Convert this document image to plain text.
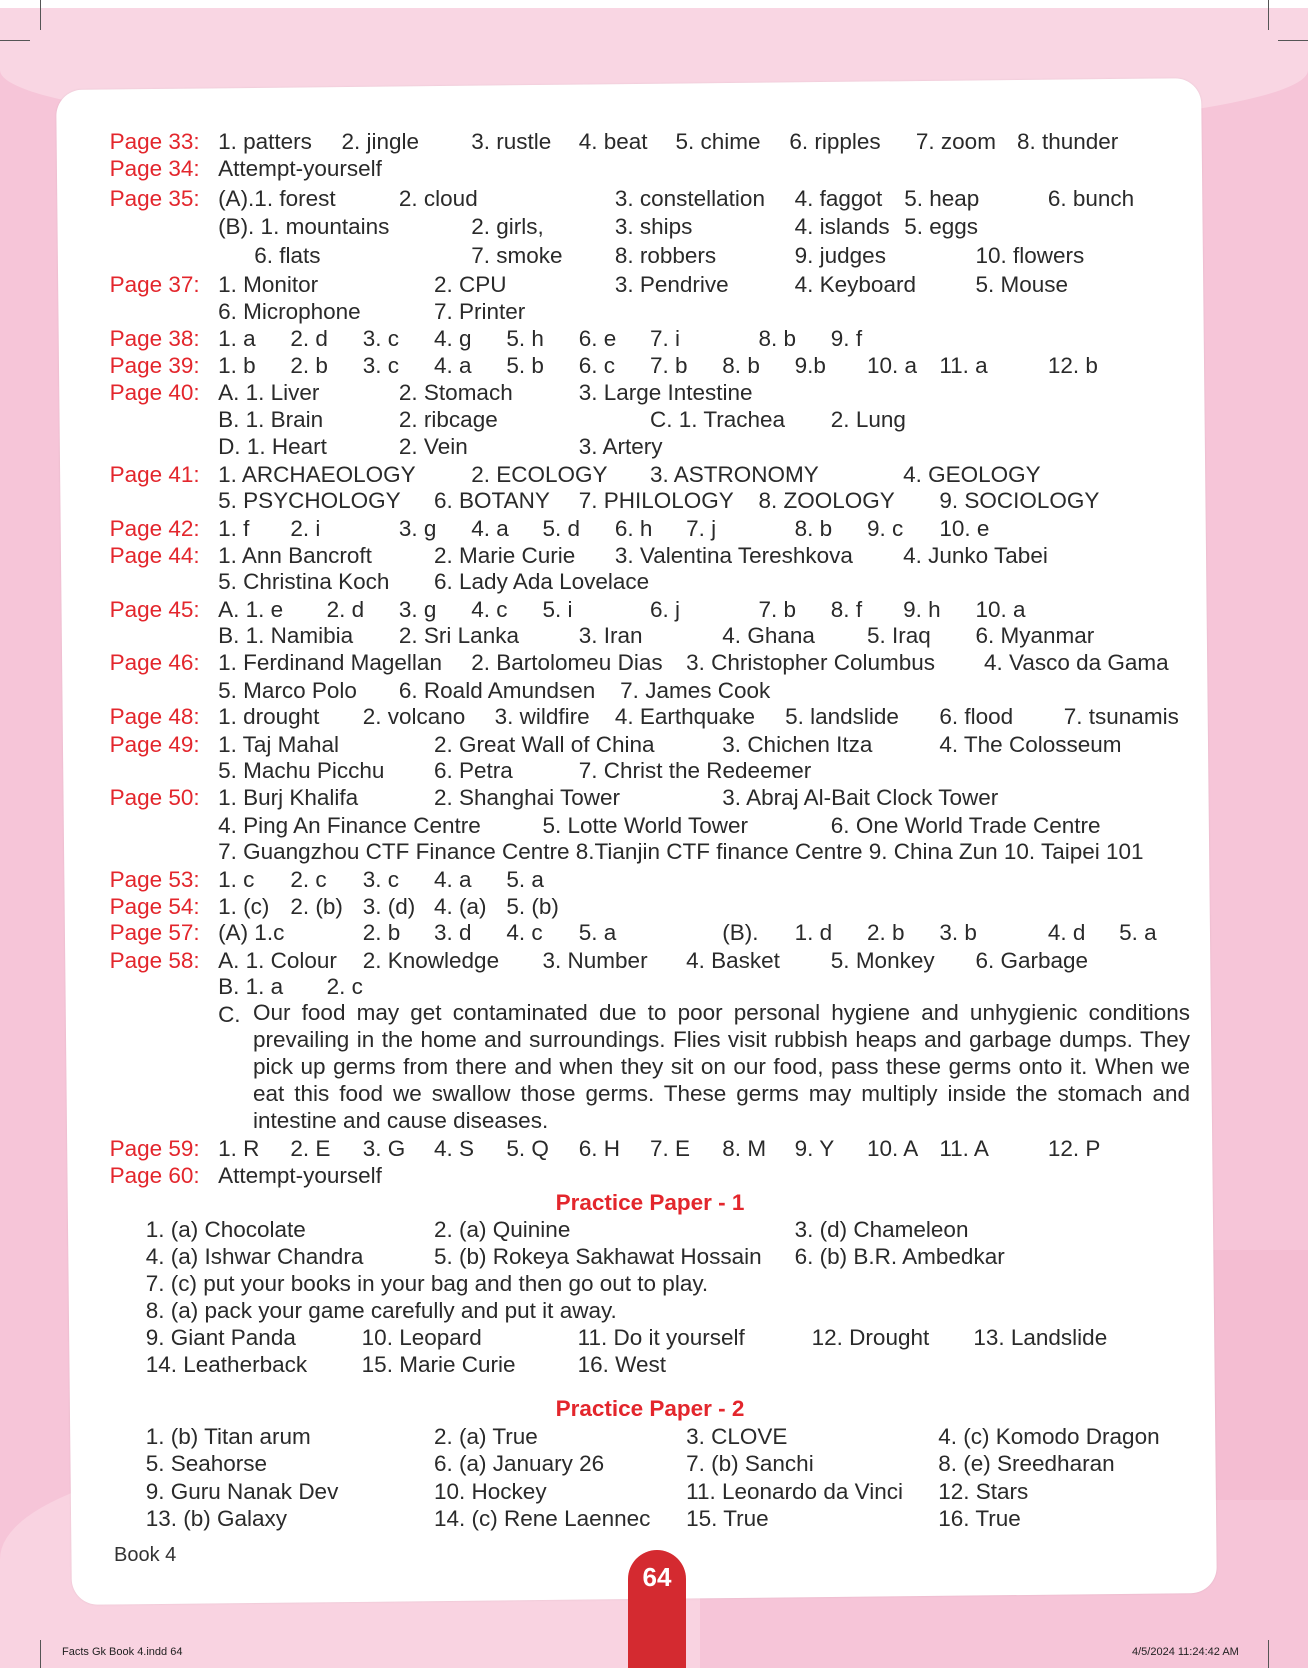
Page 33: 1. patters 2. jingle 3. rustle 4. beat 5. chime 6. ripples 7. zoom 8. thunder
Page 34: Attempt-yourself
Page 35: (A).1. forest	2. cloud	3. constellation 4. faggot 5. heap	6. bunch
(B). 1. mountains	2. girls,	3. ships	4. islands 5. eggs
6. flats	7. smoke 8. robbers	9. judges	10. flowers
Page 37: 1. Monitor	2. CPU	3. Pendrive	4. Keyboard	5. Mouse
6. Microphone	7. Printer
Page 38: 1. a 2. d 3. c 4. g 5. h 6. e 7. i	8. b 9. f
Page 39: 1. b 2. b 3. c 4. a 5. b 6. c 7. b 8. b 9.b 10. a 11. a	12. b
Page 40: A. 1. Liver	2. Stomach	3. Large Intestine
B. 1. Brain	2. ribcage	C. 1. Trachea 2. Lung
D. 1. Heart	2. Vein	3. Artery
Page 41: 1. ARCHAEOLOGY 2. ECOLOGY 3. ASTRONOMY	4. GEOLOGY
5. PSYCHOLOGY 6. BOTANY 7. PHILOLOGY 8. ZOOLOGY 9. SOCIOLOGY
Page 42: 1. f 2. i	3. g 4. a 5. d 6. h 7. j	8. b 9. c 10. e
Page 44: 1. Ann Bancroft	2. Marie Curie 3. Valentina Tereshkova 4. Junko Tabei
5. Christina Koch 6. Lady Ada Lovelace
Page 45: A. 1. e 2. d 3. g 4. c 5. i	6. j	7. b 8. f 9. h 10. a
B. 1. Namibia 2. Sri Lanka	3. Iran	4. Ghana 5. Iraq 6. Myanmar
Page 46: 1. Ferdinand Magellan 2. Bartolomeu Dias 3. Christopher Columbus 4. Vasco da Gama
5. Marco Polo 6. Roald Amundsen 7. James Cook
Page 48: 1. drought 2. volcano 3. wildfire 4. Earthquake 5. landslide 6. flood 7. tsunamis
Page 49: 1. Taj Mahal	2. Great Wall of China	3. Chichen Itza	4. The Colosseum
5. Machu Picchu 6. Petra	7. Christ the Redeemer
Page 50: 1. Burj Khalifa	2. Shanghai Tower	3. Abraj Al-Bait Clock Tower
4. Ping An Finance Centre	5. Lotte World Tower	6. One World Trade Centre
7. Guangzhou CTF Finance Centre 8.Tianjin CTF finance Centre 9. China Zun 10. Taipei 101
Page 53: 1. c 2. c 3. c 4. a 5. a
Page 54: 1. (c) 2. (b) 3. (d) 4. (a) 5. (b)
Page 57: (A) 1.c	2. b 3. d 4. c 5. a	(B). 1. d 2. b 3. b	4. d 5. a
Page 58: A. 1. Colour 2. Knowledge 3. Number 4. Basket 5. Monkey 6. Garbage
B. 1. a 2. c
C.
Page 59: 1. R 2. E 3. G 4. S 5. Q 6. H 7. E 8. M 9. Y 10. A 11. A	12. P
Page 60: Attempt-yourself
Our food may get contaminated due to poor personal hygiene and unhygienic conditions prevailing in the home and surroundings. Flies visit rubbish heaps and garbage dumps. They pick up germs from there and when they sit on our food, pass these germs onto it. When we eat this food we swallow those germs. These germs may multiply inside the stomach and intestine and cause diseases.
Practice Paper - 1
1. (a) Chocolate	2. (a) Quinine	3. (d) Chameleon
4. (a) Ishwar Chandra	5. (b) Rokeya Sakhawat Hossain 6. (b) B.R. Ambedkar
7. (c) put your books in your bag and then go out to play.
8. (a) pack your game carefully and put it away.
9. Giant Panda	10. Leopard	11. Do it yourself	12. Drought 13. Landslide
14. Leatherback 15. Marie Curie	16. West
Practice Paper - 2
1. (b) Titan arum	2. (a) True	3. CLOVE	4. (c) Komodo Dragon
5. Seahorse	6. (a) January 26	7. (b) Sanchi	8. (e) Sreedharan
9. Guru Nanak Dev	10. Hockey	11. Leonardo da Vinci 12. Stars
13. (b) Galaxy	14. (c) Rene Laennec 15. True	16. True
Book 4
64
Facts Gk Book 4.indd 64	4/5/2024 11:24:42 AM
